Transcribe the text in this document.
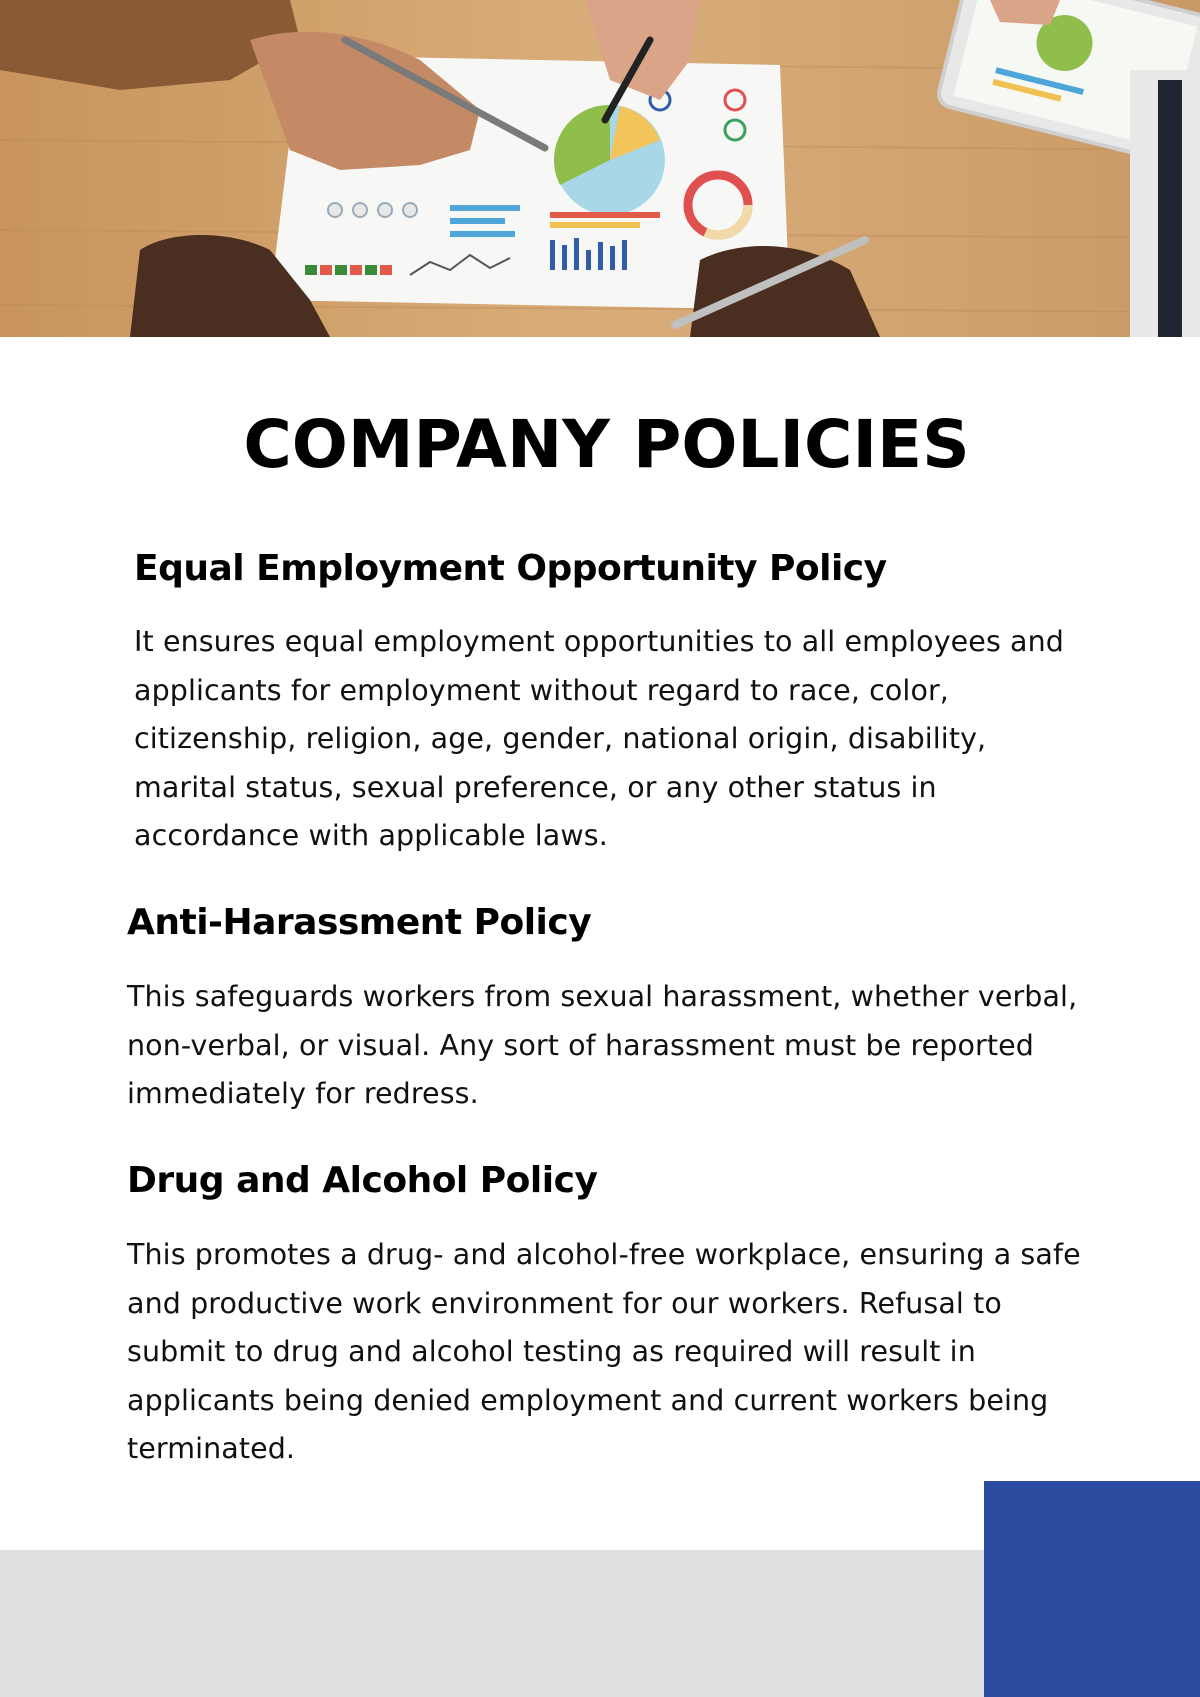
COMPANY POLICIES
Equal Employment Opportunity Policy

It ensures equal employment opportunities to all employees and applicants for employment without regard to race, color, citizenship, religion, age, gender, national origin, disability, marital status, sexual preference, or any other status in accordance with applicable laws.

Anti-Harassment Policy

This safeguards workers from sexual harassment, whether verbal, non-verbal, or visual. Any sort of harassment must be reported immediately for redress.

Drug and Alcohol Policy

This promotes a drug- and alcohol-free workplace, ensuring a safe and productive work environment for our workers. Refusal to submit to drug and alcohol testing as required will result in applicants being denied employment and current workers being terminated.
